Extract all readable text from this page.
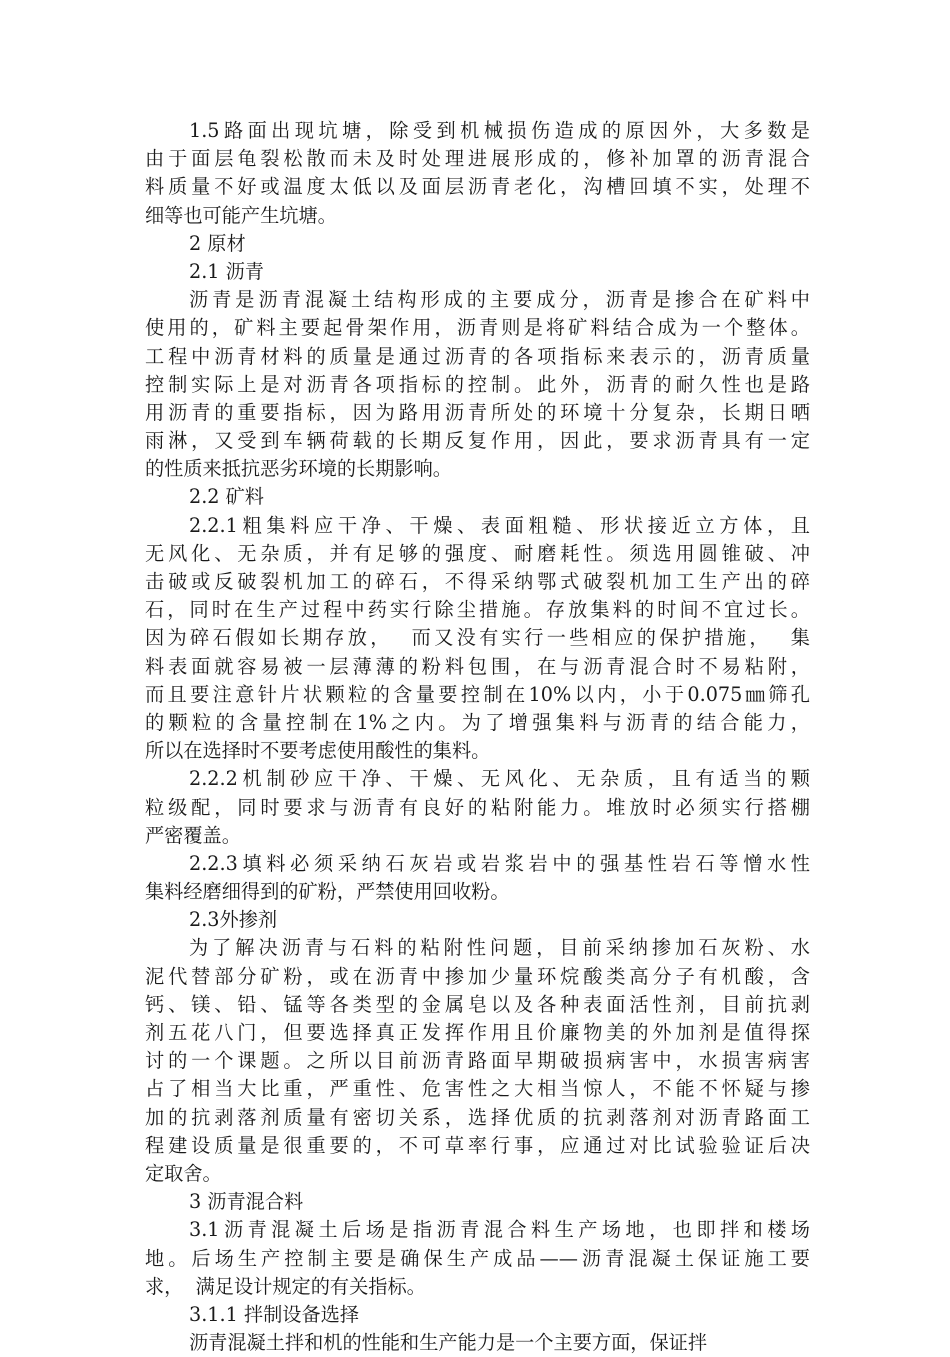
1.5路面出现坑塘，除受到机械损伤造成的原因外，大多数是
由于面层龟裂松散而未及时处理进展形成的，修补加罩的沥青混合
料质量不好或温度太低以及面层沥青老化，沟槽回填不实，处理不
细等也可能产生坑塘。
2 原材
2.1 沥青
沥青是沥青混凝土结构形成的主要成分，沥青是掺合在矿料中
使用的，矿料主要起骨架作用，沥青则是将矿料结合成为一个整体。
工程中沥青材料的质量是通过沥青的各项指标来表示的，沥青质量
控制实际上是对沥青各项指标的控制。此外，沥青的耐久性也是路
用沥青的重要指标，因为路用沥青所处的环境十分复杂，长期日晒
雨淋，又受到车辆荷载的长期反复作用，因此，要求沥青具有一定
的性质来抵抗恶劣环境的长期影响。
2.2 矿料
2.2.1粗集料应干净、干燥、表面粗糙、形状接近立方体，且
无风化、无杂质，并有足够的强度、耐磨耗性。须选用圆锥破、冲
击破或反破裂机加工的碎石，不得采纳鄂式破裂机加工生产出的碎
石，同时在生产过程中药实行除尘措施。存放集料的时间不宜过长。
因为碎石假如长期存放，  而又没有实行一些相应的保护措施，  集
料表面就容易被一层薄薄的粉料包围，在与沥青混合时不易粘附，
而且要注意针片状颗粒的含量要控制在10%以内，小于0.075㎜筛孔
的颗粒的含量控制在1%之内。为了增强集料与沥青的结合能力，
所以在选择时不要考虑使用酸性的集料。
2.2.2机制砂应干净、干燥、无风化、无杂质，且有适当的颗
粒级配，同时要求与沥青有良好的粘附能力。堆放时必须实行搭棚
严密覆盖。
2.2.3填料必须采纳石灰岩或岩浆岩中的强基性岩石等憎水性
集料经磨细得到的矿粉，严禁使用回收粉。
2.3外掺剂
为了解决沥青与石料的粘附性问题，目前采纳掺加石灰粉、水
泥代替部分矿粉，或在沥青中掺加少量环烷酸类高分子有机酸，含
钙、镁、铅、锰等各类型的金属皂以及各种表面活性剂，目前抗剥
剂五花八门，但要选择真正发挥作用且价廉物美的外加剂是值得探
讨的一个课题。之所以目前沥青路面早期破损病害中，水损害病害
占了相当大比重，严重性、危害性之大相当惊人，不能不怀疑与掺
加的抗剥落剂质量有密切关系，选择优质的抗剥落剂对沥青路面工
程建设质量是很重要的，不可草率行事，应通过对比试验验证后决
定取舍。
3 沥青混合料
3.1沥青混凝土后场是指沥青混合料生产场地，也即拌和楼场
地。后场生产控制主要是确保生产成品——沥青混凝土保证施工要
求，  满足设计规定的有关指标。
3.1.1 拌制设备选择
沥青混凝土拌和机的性能和生产能力是一个主要方面，保证拌
